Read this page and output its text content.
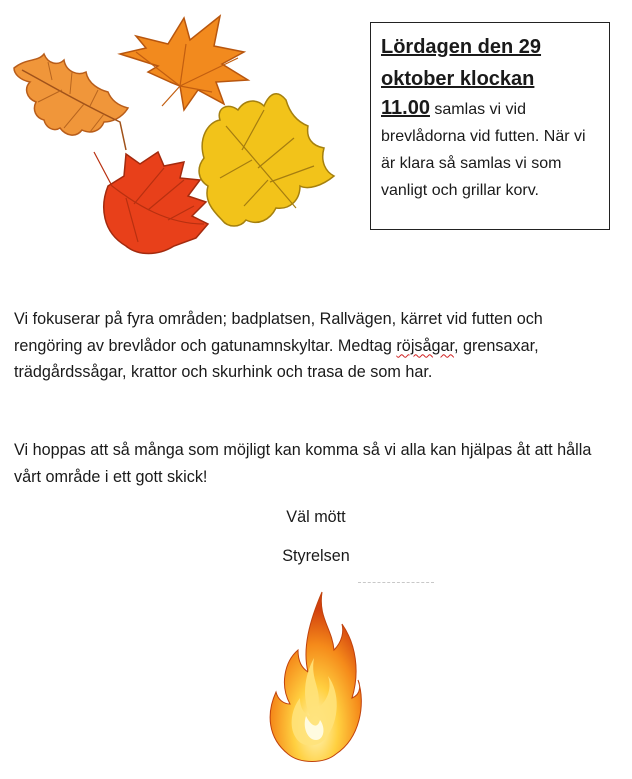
Lördagen den 29 oktober klockan
11.00 samlas vi vid brevlådorna vid futten. När vi är klara så samlas vi som vanligt och grillar korv.
Vi fokuserar på fyra områden; badplatsen, Rallvägen, kärret vid futten och rengöring av brevlådor och gatunamnskyltar. Medtag röjsågar, grensaxar, trädgårdssågar, krattor och skurhink och trasa de som har.
Vi hoppas att så många som möjligt kan komma så vi alla kan hjälpas åt att hålla vårt område i ett gott skick!
Väl mött
Styrelsen
